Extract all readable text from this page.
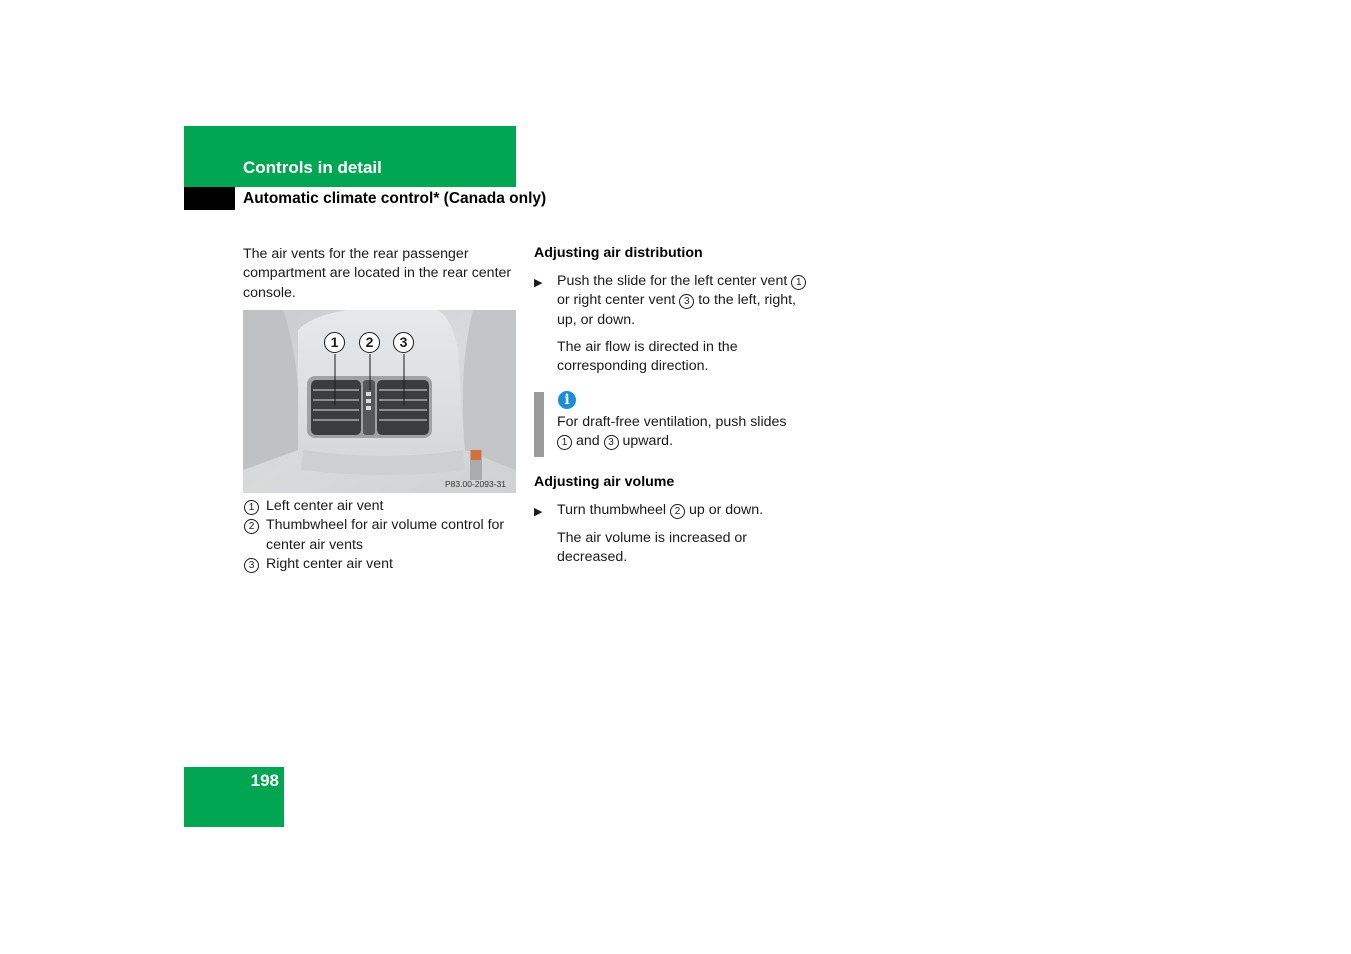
Controls in detail
Automatic climate control* (Canada only)
The air vents for the rear passenger compartment are located in the rear center console.
1	2	3
P83.00-2093-31
1 Left center air vent
2 Thumbwheel for air volume control for center air vents
3 Right center air vent
Adjusting air distribution
▶ Push the slide for the left center vent 1 or right center vent 3 to the left, right, up, or down.
The air flow is directed in the corresponding direction.
i
For draft-free ventilation, push slides 1 and 3 upward.
Adjusting air volume
▶ Turn thumbwheel 2 up or down.
The air volume is increased or decreased.
198
